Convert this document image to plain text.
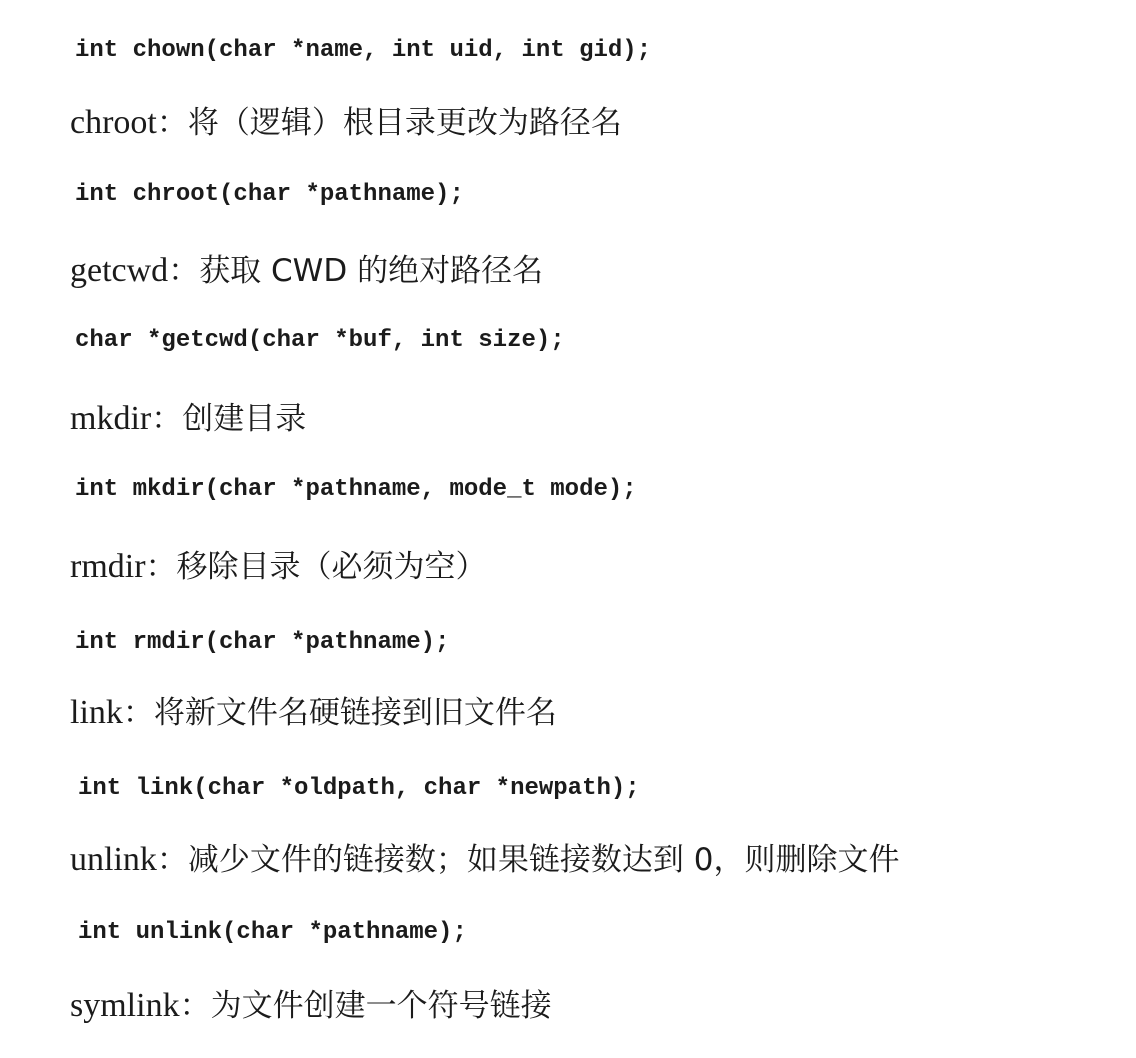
int chown(char *name, int uid, int gid);
chroot：将（逻辑）根目录更改为路径名
int chroot(char *pathname);
getcwd：获取 CWD 的绝对路径名
char *getcwd(char *buf, int size);
mkdir：创建目录
int mkdir(char *pathname, mode_t mode);
rmdir：移除目录（必须为空）
int rmdir(char *pathname);
link：将新文件名硬链接到旧文件名
int link(char *oldpath, char *newpath);
unlink：减少文件的链接数；如果链接数达到 0，则删除文件
int unlink(char *pathname);
symlink：为文件创建一个符号链接
